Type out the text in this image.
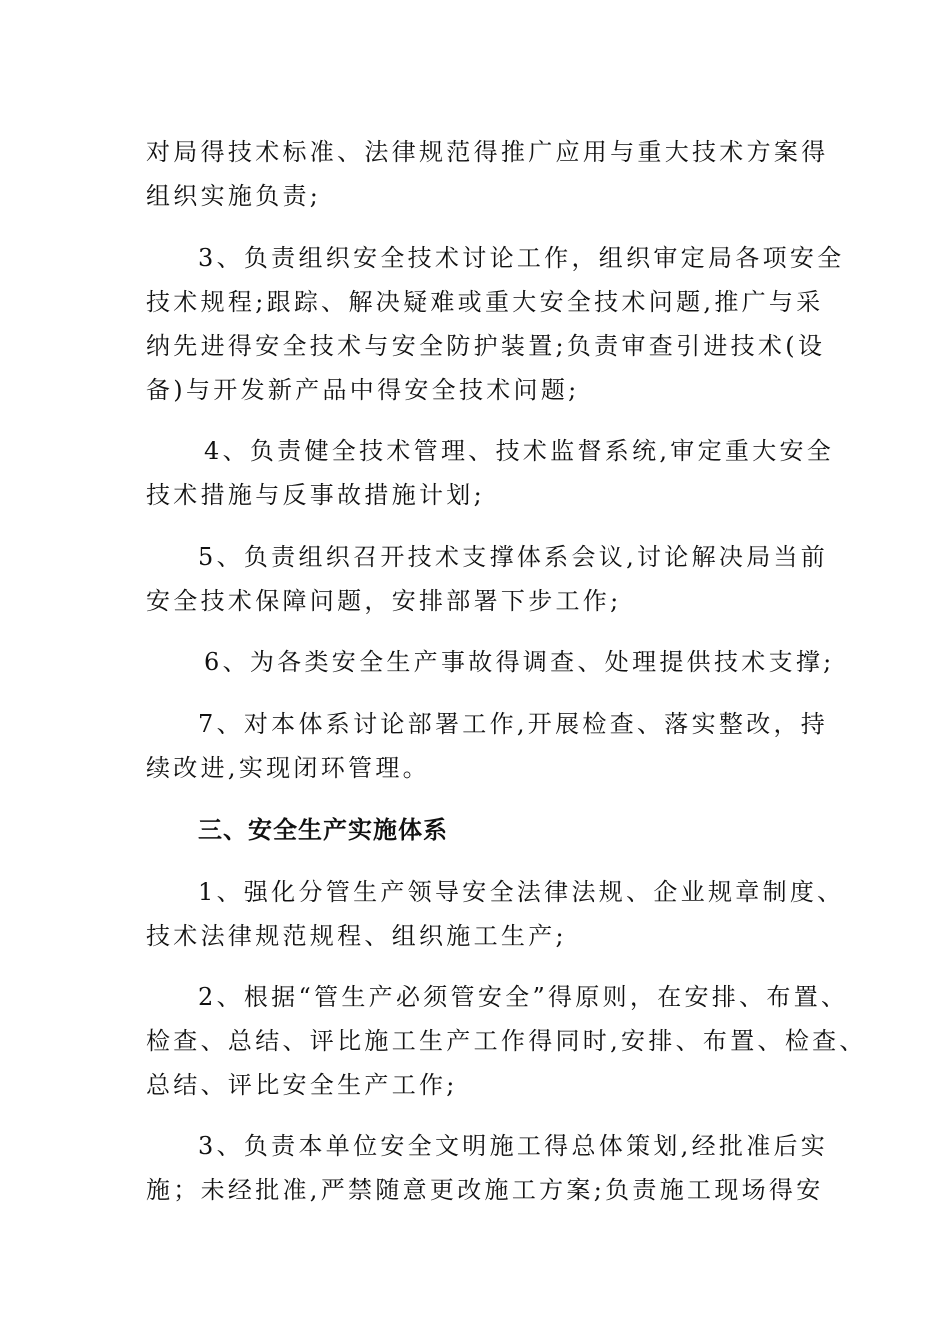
对局得技术标准、法律规范得推广应用与重大技术方案得
组织实施负责;

3、负责组织安全技术讨论工作，组织审定局各项安全
技术规程;跟踪、解决疑难或重大安全技术问题,推广与采
纳先进得安全技术与安全防护装置;负责审查引进技术(设
备)与开发新产品中得安全技术问题;

4、负责健全技术管理、技术监督系统,审定重大安全
技术措施与反事故措施计划;

5、负责组织召开技术支撑体系会议,讨论解决局当前
安全技术保障问题，安排部署下步工作;

6、为各类安全生产事故得调查、处理提供技术支撑;

7、对本体系讨论部署工作,开展检查、落实整改，持
续改进,实现闭环管理。

三、安全生产实施体系

1、强化分管生产领导安全法律法规、企业规章制度、
技术法律规范规程、组织施工生产;

2、根据“管生产必须管安全”得原则，在安排、布置、
检查、总结、评比施工生产工作得同时,安排、布置、检查、
总结、评比安全生产工作;

3、负责本单位安全文明施工得总体策划,经批准后实
施；未经批准,严禁随意更改施工方案;负责施工现场得安
